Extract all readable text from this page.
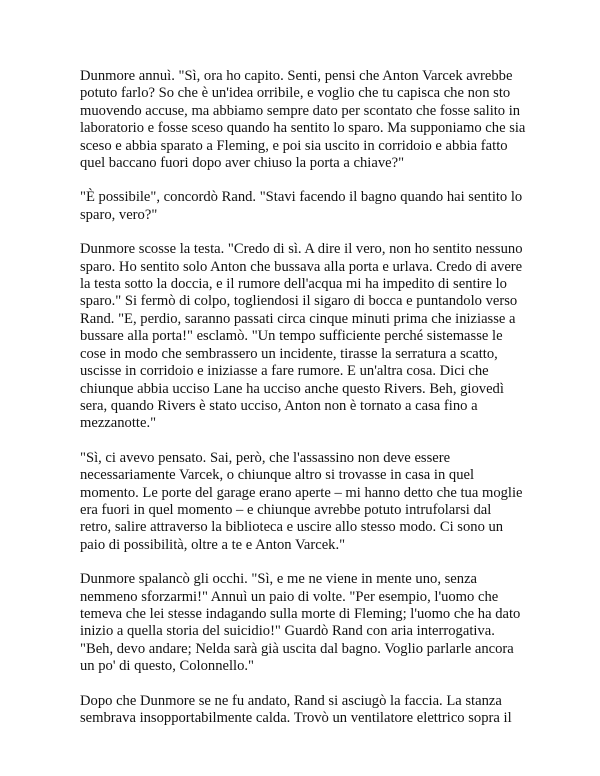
Dunmore annuì. "Sì, ora ho capito. Senti, pensi che Anton Varcek avrebbe
potuto farlo? So che è un'idea orribile, e voglio che tu capisca che non sto
muovendo accuse, ma abbiamo sempre dato per scontato che fosse salito in
laboratorio e fosse sceso quando ha sentito lo sparo. Ma supponiamo che sia
sceso e abbia sparato a Fleming, e poi sia uscito in corridoio e abbia fatto
quel baccano fuori dopo aver chiuso la porta a chiave?"

"È possibile", concordò Rand. "Stavi facendo il bagno quando hai sentito lo
sparo, vero?"

Dunmore scosse la testa. "Credo di sì. A dire il vero, non ho sentito nessuno
sparo. Ho sentito solo Anton che bussava alla porta e urlava. Credo di avere
la testa sotto la doccia, e il rumore dell'acqua mi ha impedito di sentire lo
sparo." Si fermò di colpo, togliendosi il sigaro di bocca e puntandolo verso
Rand. "E, perdio, saranno passati circa cinque minuti prima che iniziasse a
bussare alla porta!" esclamò. "Un tempo sufficiente perché sistemasse le
cose in modo che sembrassero un incidente, tirasse la serratura a scatto,
uscisse in corridoio e iniziasse a fare rumore. E un'altra cosa. Dici che
chiunque abbia ucciso Lane ha ucciso anche questo Rivers. Beh, giovedì
sera, quando Rivers è stato ucciso, Anton non è tornato a casa fino a
mezzanotte."

"Sì, ci avevo pensato. Sai, però, che l'assassino non deve essere
necessariamente Varcek, o chiunque altro si trovasse in casa in quel
momento. Le porte del garage erano aperte – mi hanno detto che tua moglie
era fuori in quel momento – e chiunque avrebbe potuto intrufolarsi dal
retro, salire attraverso la biblioteca e uscire allo stesso modo. Ci sono un
paio di possibilità, oltre a te e Anton Varcek."

Dunmore spalancò gli occhi. "Sì, e me ne viene in mente uno, senza
nemmeno sforzarmi!" Annuì un paio di volte. "Per esempio, l'uomo che
temeva che lei stesse indagando sulla morte di Fleming; l'uomo che ha dato
inizio a quella storia del suicidio!" Guardò Rand con aria interrogativa.
"Beh, devo andare; Nelda sarà già uscita dal bagno. Voglio parlarle ancora
un po' di questo, Colonnello."

Dopo che Dunmore se ne fu andato, Rand si asciugò la faccia. La stanza
sembrava insopportabilmente calda. Trovò un ventilatore elettrico sopra il
